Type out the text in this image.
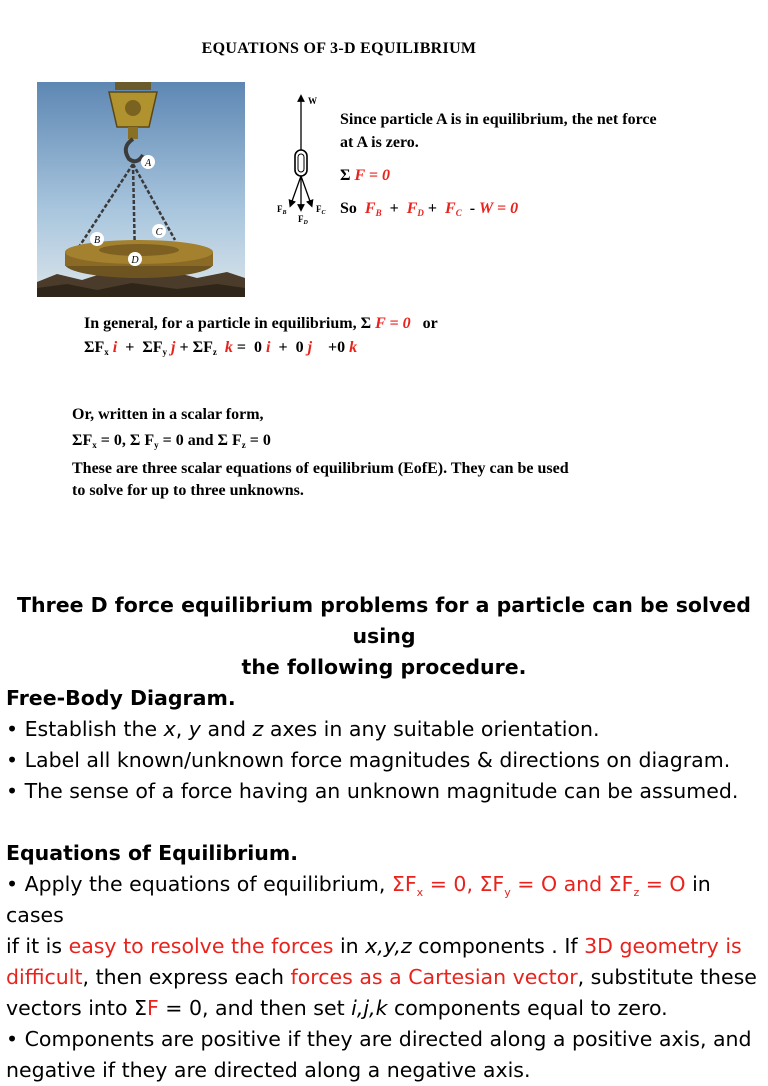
EQUATIONS OF 3-D EQUILIBRIUM
A
B
C
D
W
$F_B$	$F_C$
$F_D$
Since particle A is in equilibrium, the net force
at A is zero.
Σ F = 0
So $F_B + F_D + F_C - W = 0$
In general, for a particle in equilibrium, Σ F = 0 or
$\Sigma F_x$ $i + \Sigma F_y$ $j + \Sigma F_z$ k = 0 i + 0 j +0 k
Or, written in a scalar form,
$\Sigma F_x = 0$, Σ $F_y = 0$ and Σ $F_z = 0$
These are three scalar equations of equilibrium (EofE). They can be used
to solve for up to three unknowns.
Three D force equilibrium problems for a particle can be solved using
the following procedure.
Free-Body Diagram.
• Establish the x, y and z axes in any suitable orientation.
• Label all known/unknown force magnitudes & directions on diagram.
• The sense of a force having an unknown magnitude can be assumed.
Equations of Equilibrium.
• Apply the equations of equilibrium, $\Sigma F_x = 0$, $\Sigma F_y = O$ and $\Sigma F_z = O$ in cases
if it is easy to resolve the forces in x,y,z components . If 3D geometry is
difficult, then express each forces as a Cartesian vector, substitute these
vectors into ΣF = 0, and then set i,j,k components equal to zero.
• Components are positive if they are directed along a positive axis, and
negative if they are directed along a negative axis.
